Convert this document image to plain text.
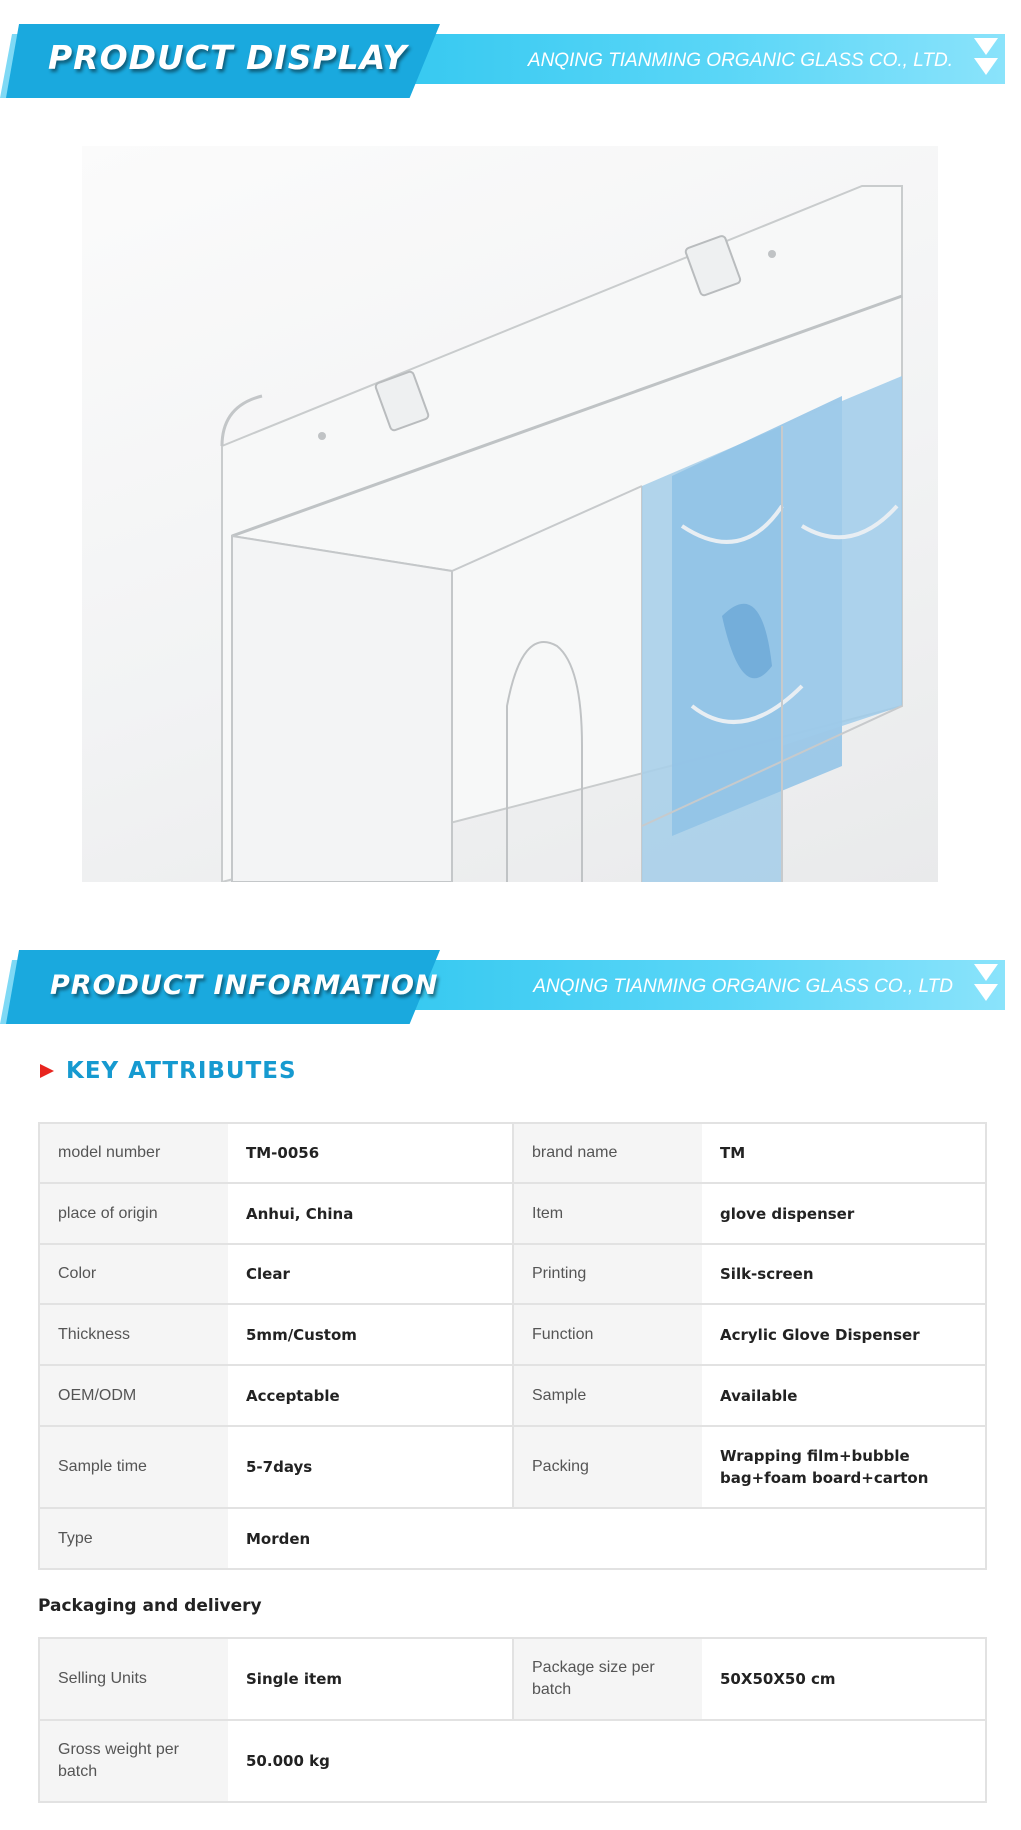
PRODUCT DISPLAY	ANQING TIANMING ORGANIC GLASS CO., LTD.
PRODUCT INFORMATION	ANQING TIANMING ORGANIC GLASS CO., LTD
KEY ATTRIBUTES
model number	TM-0056	brand name	TM
place of origin	Anhui, China	Item	glove dispenser
Color	Clear	Printing	Silk-screen
Thickness	5mm/Custom	Function	Acrylic Glove Dispenser
OEM/ODM	Acceptable	Sample	Available
Sample time	5-7days	Packing	Wrapping film+bubble bag+foam board+carton
Type	Morden		
Packaging and delivery
Selling Units	Single item	Package size per batch	50X50X50 cm
Gross weight per batch	50.000 kg		
